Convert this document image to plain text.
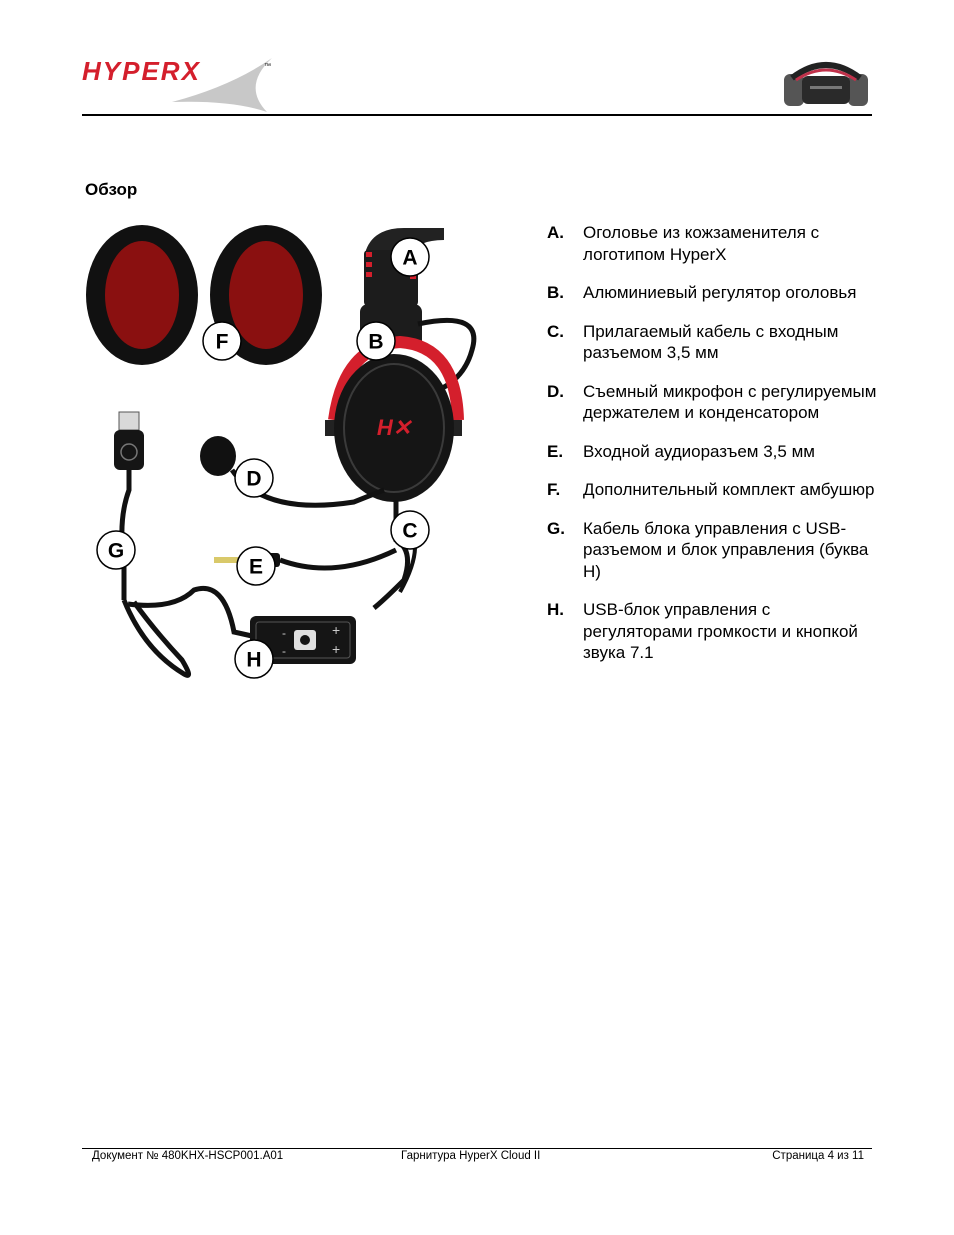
HYPERX	™
Обзор
H✕
+
+
-
-
A
B
C
D
E
F
G
H
A.	Оголовье из кожзаменителя с логотипом HyperX
B.	Алюминиевый регулятор оголовья
C.	Прилагаемый кабель с входным разъемом 3,5 мм
D.	Съемный микрофон с регулируемым держателем и конденсатором
E.	Входной аудиоразъем 3,5 мм
F.	Дополнительный комплект амбушюр
G.	Кабель блока управления с USB-разъемом и блок управления (буква H)
H.	USB-блок управления с регуляторами громкости и кнопкой звука 7.1
Документ № 480KHX-HSCP001.A01	Гарнитура HyperX Cloud II	Страница 4 из 11
